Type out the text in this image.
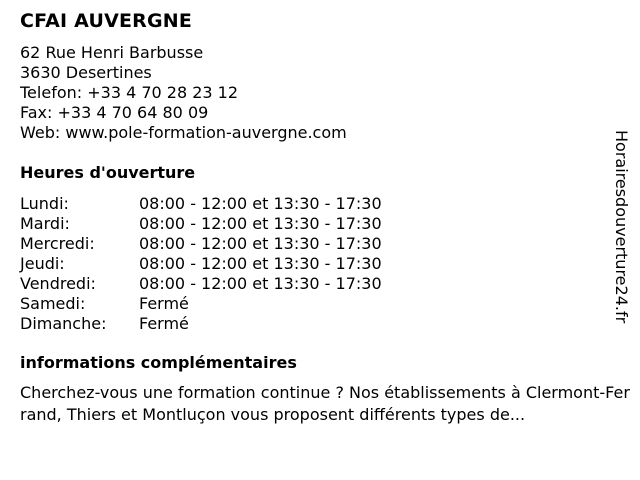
CFAI AUVERGNE
62 Rue Henri Barbusse
3630 Desertines
Telefon: +33 4 70 28 23 12
Fax: +33 4 70 64 80 09
Web: www.pole-formation-auvergne.com
Heures d'ouverture
Lundi:	08:00 - 12:00 et 13:30 - 17:30
Mardi:	08:00 - 12:00 et 13:30 - 17:30
Mercredi:	08:00 - 12:00 et 13:30 - 17:30
Jeudi:	08:00 - 12:00 et 13:30 - 17:30
Vendredi:	08:00 - 12:00 et 13:30 - 17:30
Samedi:	Fermé
Dimanche:	Fermé
informations complémentaires
Cherchez-vous une formation continue ? Nos établissements à Clermont-Ferrand, Thiers et Montluçon vous proposent différents types de...
Horairesdouverture24.fr
